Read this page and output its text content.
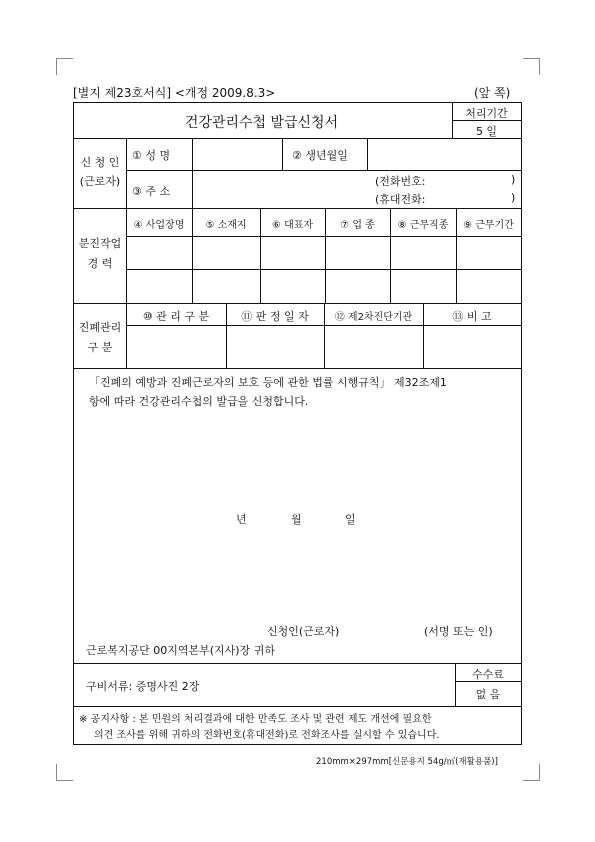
[별지 제23호서식] <개정 2009.8.3>	(앞 쪽)
건강관리수첩 발급신청서
처리기간
5 일
신 청 인
(근로자)
① 성 명	② 생년월일
③ 주 소
(전화번호:	)
(휴대전화:	)
분진작업
경 력
④ 사업장명	⑤ 소재지	⑥ 대표자	⑦ 업 종	⑧ 근무직종	⑨ 근무기간
진폐관리
구 분
⑩ 관 리 구 분	⑪ 판 정 일 자	⑫ 제2차진단기관	⑬ 비 고
「진폐의 예방과 진폐근로자의 보호 등에 관한 법률 시행규칙」 제32조제1
항에 따라 건강관리수첩의 발급을 신청합니다.
년	월	일
신청인(근로자)	(서명 또는 인)
근로복지공단 00지역본부(지사)장 귀하
구비서류: 증명사진 2장
수수료
없 음
※ 공지사항 : 본 민원의 처리결과에 대한 만족도 조사 및 관련 제도 개선에 필요한
의견 조사를 위해 귀하의 전화번호(휴대전화)로 전화조사를 실시할 수 있습니다.
210mm×297mm[신문용지 54g/㎡(재활용품)]
